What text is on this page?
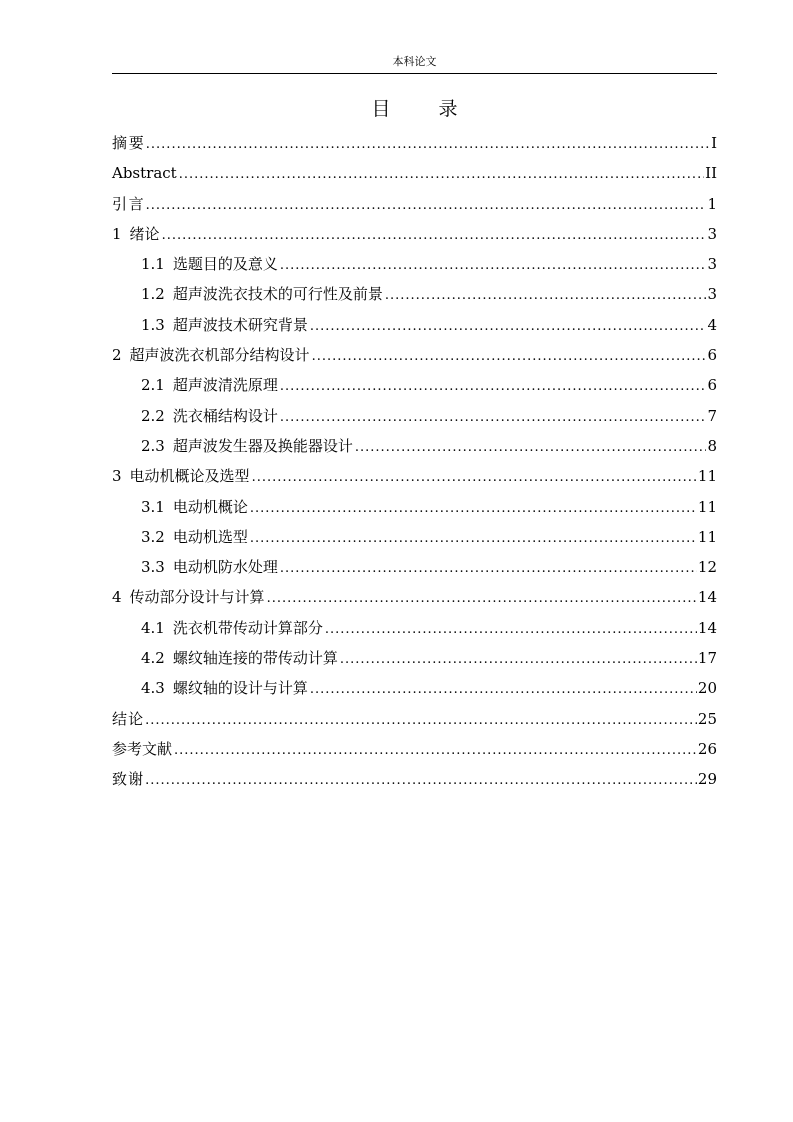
本科论文
目	录
摘 要 .....	I
Abstract .....	II
引 言 .....	1
1 绪论 .....	3
1.1 选题目的及意义 .....	3
1.2 超声波洗衣技术的可行性及前景 .....	3
1.3 超声波技术研究背景 .....	4
2 超声波洗衣机部分结构设计 .....	6
2.1 超声波清洗原理 .....	6
2.2 洗衣桶结构设计 .....	7
2.3 超声波发生器及换能器设计 .....	8
3 电动机概论及选型 .....	11
3.1 电动机概论 .....	11
3.2 电动机选型 .....	11
3.3 电动机防水处理 .....	12
4 传动部分设计与计算 .....	14
4.1 洗衣机带传动计算部分 .....	14
4.2 螺纹轴连接的带传动计算 .....	17
4.3 螺纹轴的设计与计算 .....	20
结 论 .....	25
参考文献 .....	26
致 谢 .....	29
